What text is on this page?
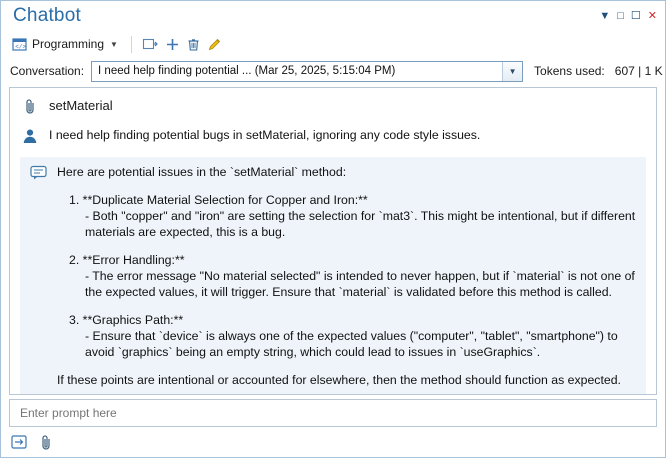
Chatbot	▼ □ ☐ ✕
</> Programming ▼
Conversation: I need help finding potential ... (Mar 25, 2025, 5:15:04 PM)	▼	Tokens used: 607 | 1 K
setMaterial
I need help finding potential bugs in setMaterial, ignoring any code style issues.

Here are potential issues in the `setMaterial` method:

1. **Duplicate Material Selection for Copper and Iron:**

- Both "copper" and "iron" are setting the selection for `mat3`. This might be intentional, but if different materials are expected, this is a bug.

2. **Error Handling:**

- The error message "No material selected" is intended to never happen, but if `material` is not one of the expected values, it will trigger. Ensure that `material` is validated before this method is called.

3. **Graphics Path:**

- Ensure that `device` is always one of the expected values ("computer", "tablet", "smartphone") to avoid `graphics` being an empty string, which could lead to issues in `useGraphics`.

If these points are intentional or accounted for elsewhere, then the method should function as expected.

Enter prompt here
